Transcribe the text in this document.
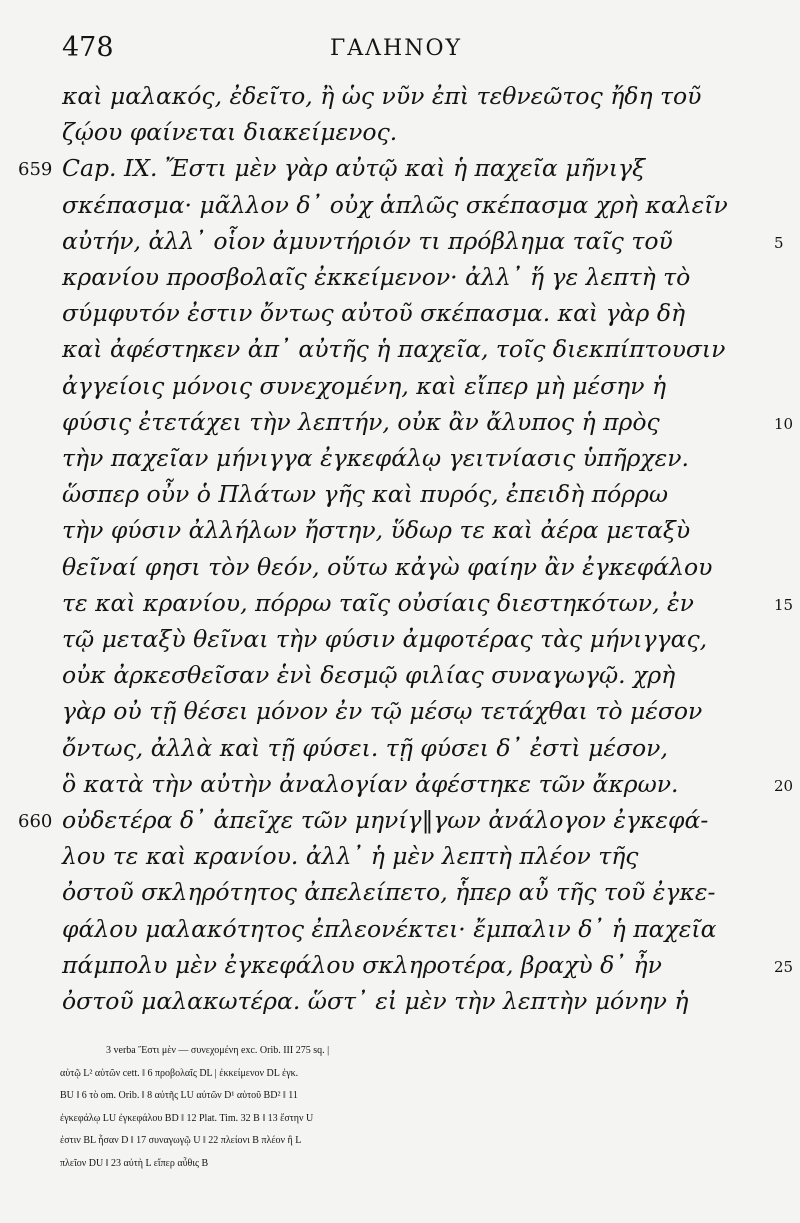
478	ΓΑΛΗΝΟΥ
καὶ μαλακός, ἐδεῖτο, ἢ ὡς νῦν ἐπὶ τεθνεῶτος ἤδη τοῦ
ζῴου φαίνεται διακείμενος.
Cap. IX. Ἔστι μὲν γὰρ αὐτῷ καὶ ἡ παχεῖα μῆνιγξ
659
σκέπασμα· μᾶλλον δ᾽ οὐχ ἁπλῶς σκέπασμα χρὴ καλεῖν
αὐτήν, ἀλλ᾽ οἷον ἀμυντήριόν τι πρόβλημα ταῖς τοῦ	5
κρανίου προσβολαῖς ἐκκείμενον· ἀλλ᾽ ἥ γε λεπτὴ τὸ
σύμφυτόν ἐστιν ὄντως αὐτοῦ σκέπασμα. καὶ γὰρ δὴ
καὶ ἀφέστηκεν ἀπ᾽ αὐτῆς ἡ παχεῖα, τοῖς διεκπίπτουσιν
ἀγγείοις μόνοις συνεχομένη, καὶ εἴπερ μὴ μέσην ἡ
φύσις ἐτετάχει τὴν λεπτήν, οὐκ ἂν ἄλυπος ἡ πρὸς	10
τὴν παχεῖαν μήνιγγα ἐγκεφάλῳ γειτνίασις ὑπῆρχεν.
ὥσπερ οὖν ὁ Πλάτων γῆς καὶ πυρός, ἐπειδὴ πόρρω
τὴν φύσιν ἀλλήλων ἤστην, ὕδωρ τε καὶ ἀέρα μεταξὺ
θεῖναί φησι τὸν θεόν, οὕτω κἀγὼ φαίην ἂν ἐγκεφάλου
τε καὶ κρανίου, πόρρω ταῖς οὐσίαις διεστηκότων, ἐν	15
τῷ μεταξὺ θεῖναι τὴν φύσιν ἀμφοτέρας τὰς μήνιγγας,
οὐκ ἀρκεσθεῖσαν ἑνὶ δεσμῷ φιλίας συναγωγῷ. χρὴ
γὰρ οὐ τῇ θέσει μόνον ἐν τῷ μέσῳ τετάχθαι τὸ μέσον
ὄντως, ἀλλὰ καὶ τῇ φύσει. τῇ φύσει δ᾽ ἐστὶ μέσον,
ὃ κατὰ τὴν αὐτὴν ἀναλογίαν ἀφέστηκε τῶν ἄκρων.	20
οὐδετέρα δ᾽ ἀπεῖχε τῶν μηνίγ‖γων ἀνάλογον ἐγκεφά-
660
λου τε καὶ κρανίου. ἀλλ᾽ ἡ μὲν λεπτὴ πλέον τῆς
ὀστοῦ σκληρότητος ἀπελείπετο, ἧπερ αὖ τῆς τοῦ ἐγκε-
φάλου μαλακότητος ἐπλεονέκτει· ἔμπαλιν δ᾽ ἡ παχεῖα
πάμπολυ μὲν ἐγκεφάλου σκληροτέρα, βραχὺ δ᾽ ἦν	25
ὀστοῦ μαλακωτέρα. ὥστ᾽ εἰ μὲν τὴν λεπτὴν μόνην ἡ
3 verba Ἔστι μὲν — συνεχομένη exc. Orib. III 275 sq. |
αὐτῷ L² αὐτῶν cett. ‖ 6 προβολαῖς DL | ἐκκείμενον DL ἐγκ.
BU ‖ 6 τὸ om. Orib. ‖ 8 αὐτῆς LU αὐτῶν D¹ αὐτοῦ BD² ‖ 11
ἐγκεφάλῳ LU ἐγκεφάλου BD ‖ 12 Plat. Tim. 32 B ‖ 13 ἔστην U
ἐστιν BL ἦσαν D ‖ 17 συναγωγῷ U ‖ 22 πλείονι B πλέον ἢ L
πλεῖον DU ‖ 23 αὐτὴ L εἴπερ αὖθις B
